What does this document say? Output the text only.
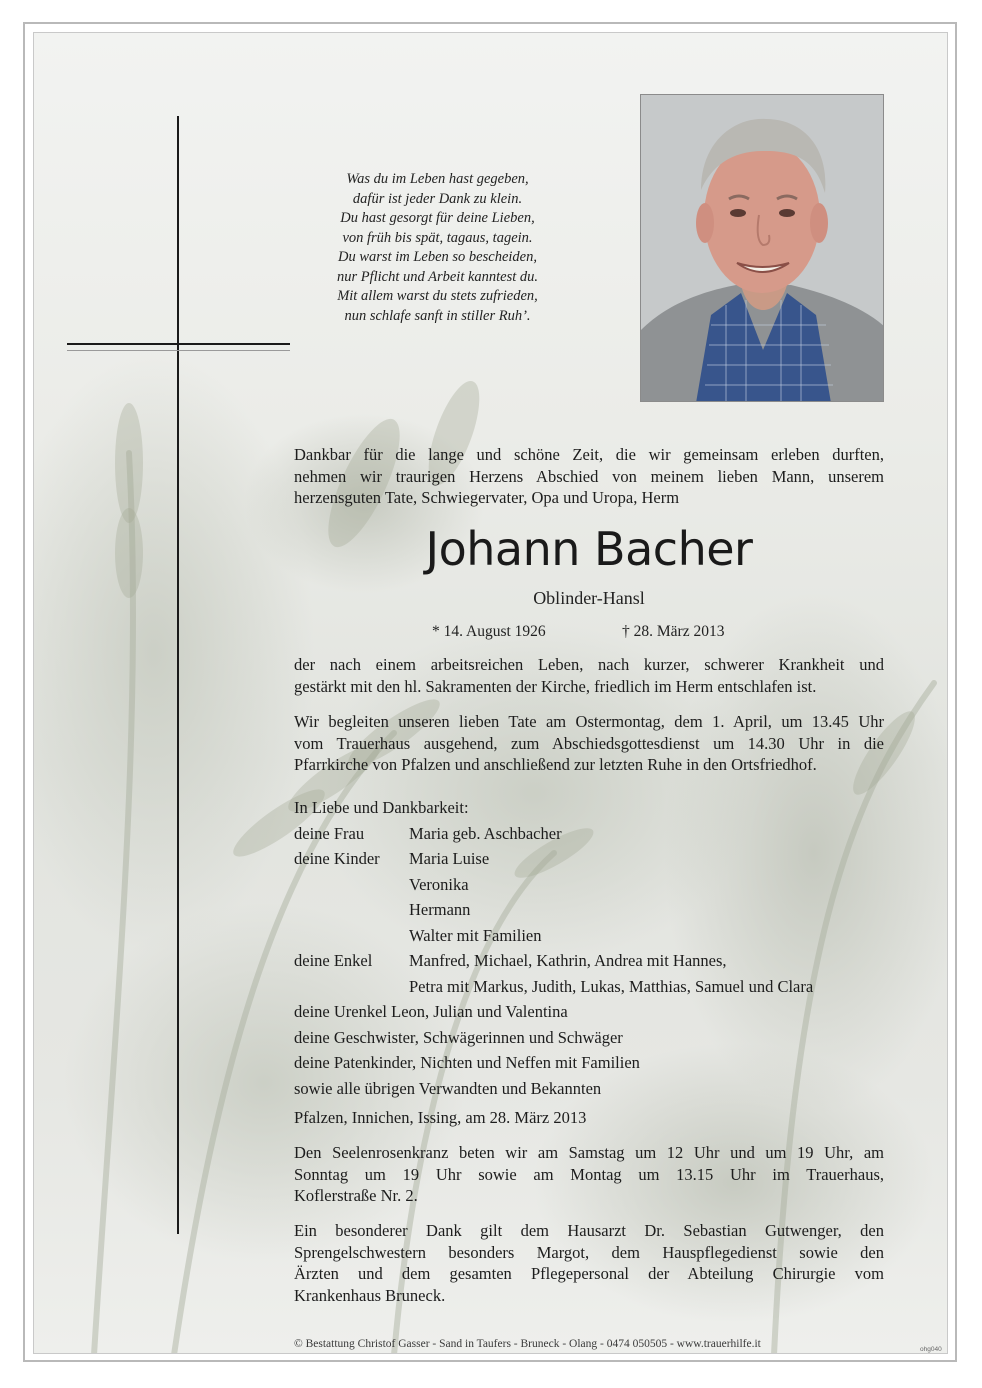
Was du im Leben hast gegeben,
dafür ist jeder Dank zu klein.
Du hast gesorgt für deine Lieben,
von früh bis spät, tagaus, tagein.
Du warst im Leben so bescheiden,
nur Pflicht und Arbeit kanntest du.
Mit allem warst du stets zufrieden,
nun schlafe sanft in stiller Ruh’.
Dankbar für die lange und schöne Zeit, die wir gemeinsam erleben durften,
nehmen wir traurigen Herzens Abschied von meinem lieben Mann, unserem
herzensguten Tate, Schwiegervater, Opa und Uropa, Herm
Johann Bacher
Oblinder-Hansl
* 14. August 1926	† 28. März 2013
der nach einem arbeitsreichen Leben, nach kurzer, schwerer Krankheit und
gestärkt mit den hl. Sakramenten der Kirche, friedlich im Herm entschlafen ist.
Wir begleiten unseren lieben Tate am Ostermontag, dem 1. April, um 13.45 Uhr
vom Trauerhaus ausgehend, zum Abschiedsgottesdienst um 14.30 Uhr in die
Pfarrkirche von Pfalzen und anschließend zur letzten Ruhe in den Ortsfriedhof.
In Liebe und Dankbarkeit:
deine Frau	Maria geb. Aschbacher
deine Kinder Maria Luise
Veronika
Hermann
Walter mit Familien
deine Enkel Manfred, Michael, Kathrin, Andrea mit Hannes,
Petra mit Markus, Judith, Lukas, Matthias, Samuel und Clara
deine Urenkel Leon, Julian und Valentina
deine Geschwister, Schwägerinnen und Schwäger
deine Patenkinder, Nichten und Neffen mit Familien
sowie alle übrigen Verwandten und Bekannten
Pfalzen, Innichen, Issing, am 28. März 2013
Den Seelenrosenkranz beten wir am Samstag um 12 Uhr und um 19 Uhr, am
Sonntag um 19 Uhr sowie am Montag um 13.15 Uhr im Trauerhaus,
Koflerstraße Nr. 2.
Ein besonderer Dank gilt dem Hausarzt Dr. Sebastian Gutwenger, den
Sprengelschwestern besonders Margot, dem Hauspflegedienst sowie den
Ärzten und dem gesamten Pflegepersonal der Abteilung Chirurgie vom
Krankenhaus Bruneck.
© Bestattung Christof Gasser - Sand in Taufers - Bruneck - Olang - 0474 050505 - www.trauerhilfe.it	ohg040
